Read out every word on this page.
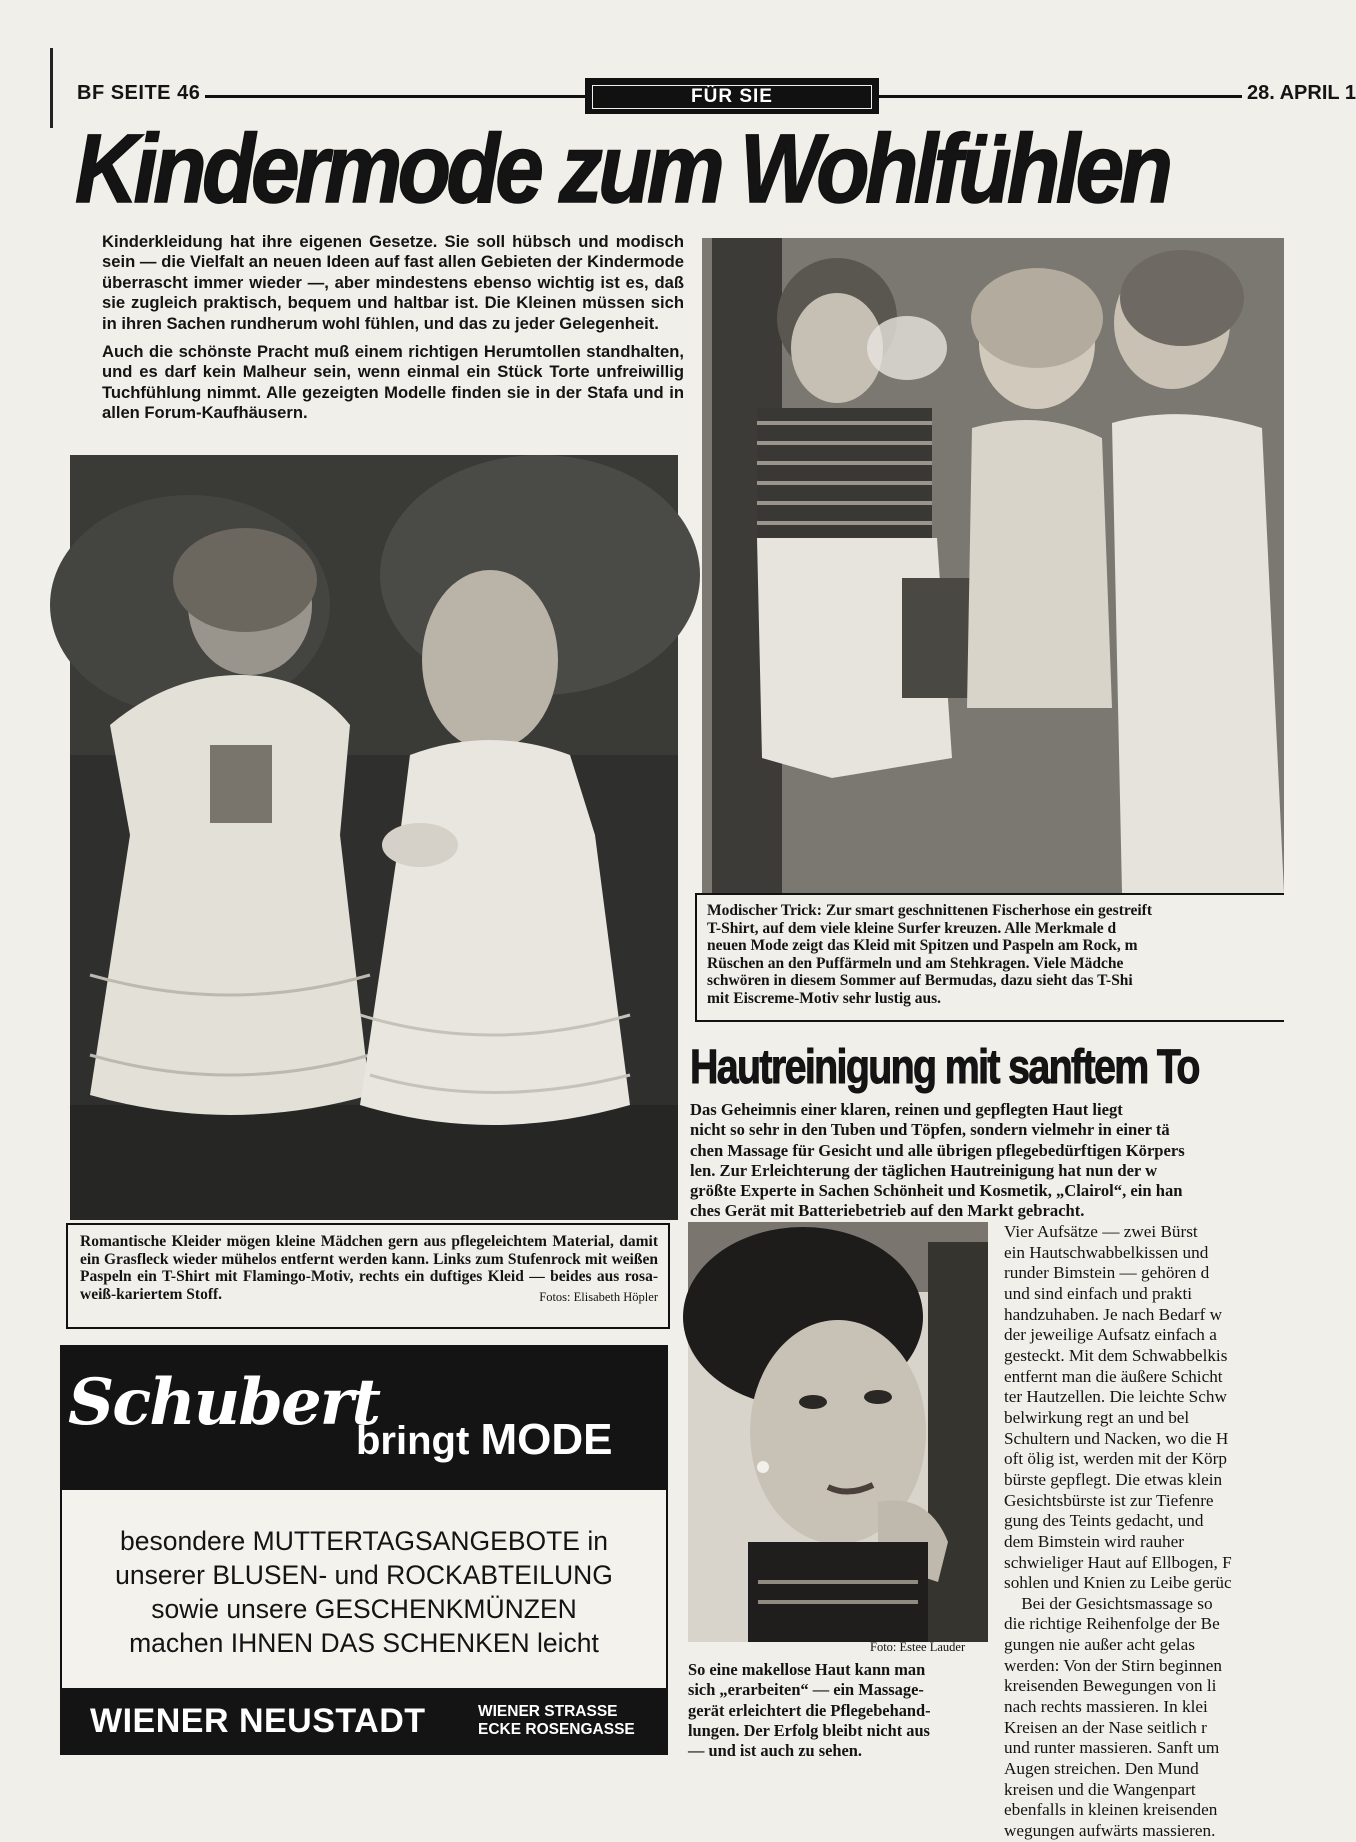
BF SEITE 46	FÜR SIE	28. APRIL 1
Kindermode zum Wohlfühlen

Kinderkleidung hat ihre eigenen Gesetze. Sie soll hübsch und modisch sein — die Vielfalt an neuen Ideen auf fast allen Gebieten der Kindermode überrascht immer wieder —, aber mindestens ebenso wichtig ist es, daß sie zugleich praktisch, bequem und haltbar ist. Die Kleinen müssen sich in ihren Sachen rundherum wohl fühlen, und das zu jeder Gelegenheit.

Auch die schönste Pracht muß einem richtigen Herumtollen standhalten, und es darf kein Malheur sein, wenn einmal ein Stück Torte unfreiwillig Tuchfühlung nimmt. Alle gezeigten Modelle finden sie in der Stafa und in allen Forum-Kaufhäusern.

Romantische Kleider mögen kleine Mädchen gern aus pflegeleichtem Material, damit ein Grasfleck wieder mühelos entfernt werden kann. Links zum Stufenrock mit weißen Paspeln ein T-Shirt mit Flamingo-Motiv, rechts ein duftiges Kleid — beides aus rosa-weiß-kariertem Stoff.	Fotos: Elisabeth Höpler
Modischer Trick: Zur smart geschnittenen Fischerhose ein gestreift
T-Shirt, auf dem viele kleine Surfer kreuzen. Alle Merkmale d
neuen Mode zeigt das Kleid mit Spitzen und Paspeln am Rock, m
Rüschen an den Puffärmeln und am Stehkragen. Viele Mädche
schwören in diesem Sommer auf Bermudas, dazu sieht das T-Shi
mit Eiscreme-Motiv sehr lustig aus.
Schubert
bringt MODE
besondere MUTTERTAGSANGEBOTE in
unserer BLUSEN- und ROCKABTEILUNG
sowie unsere GESCHENKMÜNZEN
machen IHNEN DAS SCHENKEN leicht
WIENER NEUSTADT	WIENER STRASSE
ECKE ROSENGASSE
Hautreinigung mit sanftem To
Das Geheimnis einer klaren, reinen und gepflegten Haut liegt
nicht so sehr in den Tuben und Töpfen, sondern vielmehr in einer tä
chen Massage für Gesicht und alle übrigen pflegebedürftigen Körpers
len. Zur Erleichterung der täglichen Hautreinigung hat nun der w
größte Experte in Sachen Schönheit und Kosmetik, „Clairol“, ein han
ches Gerät mit Batteriebetrieb auf den Markt gebracht.
Vier Aufsätze — zwei Bürst
ein Hautschwabbelkissen und
runder Bimstein — gehören d
und sind einfach und prakti
handzuhaben. Je nach Bedarf w
der jeweilige Aufsatz einfach a
gesteckt. Mit dem Schwabbelkis
entfernt man die äußere Schicht
ter Hautzellen. Die leichte Schw
belwirkung regt an und bel
Schultern und Nacken, wo die H
oft ölig ist, werden mit der Körp
bürste gepflegt. Die etwas klein
Gesichtsbürste ist zur Tiefenre
gung des Teints gedacht, und
dem Bimstein wird rauher
schwieliger Haut auf Ellbogen, F
sohlen und Knien zu Leibe gerüc
Bei der Gesichtsmassage so
die richtige Reihenfolge der Be
gungen nie außer acht gelas
werden: Von der Stirn beginnen
kreisenden Bewegungen von li
nach rechts massieren. In klei
Kreisen an der Nase seitlich r
und runter massieren. Sanft um
Augen streichen. Den Mund
kreisen und die Wangenpart
ebenfalls in kleinen kreisenden
wegungen aufwärts massieren.
Foto: Estee Lauder
So eine makellose Haut kann man
sich „erarbeiten“ — ein Massage-
gerät erleichtert die Pflegebehand-
lungen. Der Erfolg bleibt nicht aus
— und ist auch zu sehen.
